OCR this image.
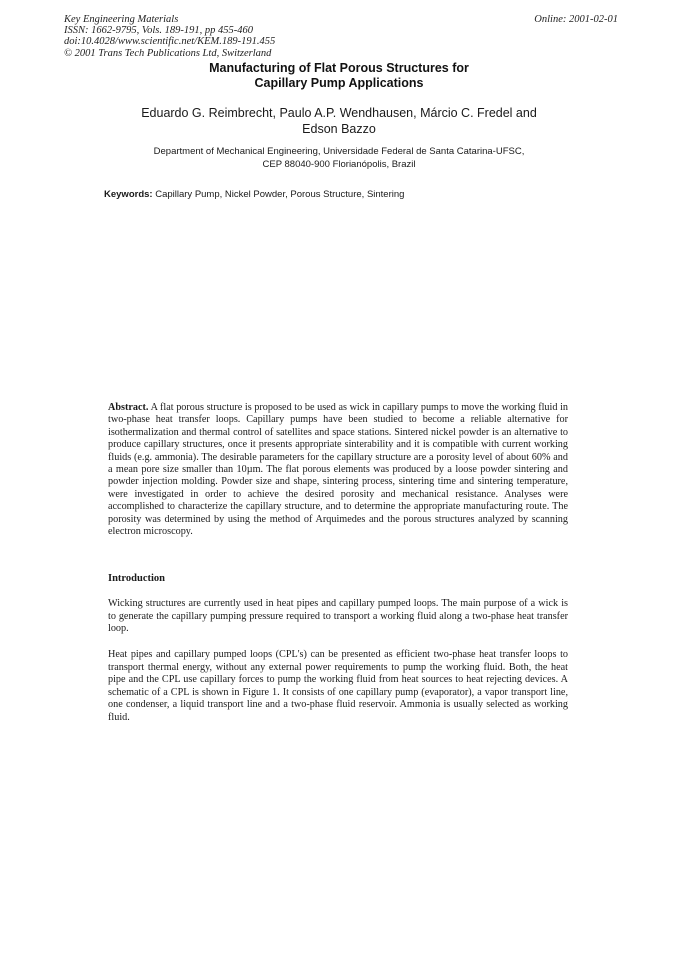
Key Engineering Materials
ISSN: 1662-9795, Vols. 189-191, pp 455-460
doi:10.4028/www.scientific.net/KEM.189-191.455
© 2001 Trans Tech Publications Ltd, Switzerland
Online: 2001-02-01
Manufacturing of Flat Porous Structures for
Capillary Pump Applications
Eduardo G. Reimbrecht, Paulo A.P. Wendhausen, Márcio C. Fredel and
Edson Bazzo
Department of Mechanical Engineering, Universidade Federal de Santa Catarina-UFSC,
CEP 88040-900 Florianópolis, Brazil
Keywords: Capillary Pump, Nickel Powder, Porous Structure, Sintering
Abstract. A flat porous structure is proposed to be used as wick in capillary pumps to move the working fluid in two-phase heat transfer loops. Capillary pumps have been studied to become a reliable alternative for isothermalization and thermal control of satellites and space stations. Sintered nickel powder is an alternative to produce capillary structures, once it presents appropriate sinterability and it is compatible with current working fluids (e.g. ammonia). The desirable parameters for the capillary structure are a porosity level of about 60% and a mean pore size smaller than 10µm. The flat porous elements was produced by a loose powder sintering and powder injection molding. Powder size and shape, sintering process, sintering time and sintering temperature, were investigated in order to achieve the desired porosity and mechanical resistance. Analyses were accomplished to characterize the capillary structure, and to determine the appropriate manufacturing route. The porosity was determined by using the method of Arquimedes and the porous structures analyzed by scanning electron microscopy.
Introduction
Wicking structures are currently used in heat pipes and capillary pumped loops. The main purpose of a wick is to generate the capillary pumping pressure required to transport a working fluid along a two-phase heat transfer loop.
Heat pipes and capillary pumped loops (CPL's) can be presented as efficient two-phase heat transfer loops to transport thermal energy, without any external power requirements to pump the working fluid. Both, the heat pipe and the CPL use capillary forces to pump the working fluid from heat sources to heat rejecting devices. A schematic of a CPL is shown in Figure 1. It consists of one capillary pump (evaporator), a vapor transport line, one condenser, a liquid transport line and a two-phase fluid reservoir. Ammonia is usually selected as working fluid.
